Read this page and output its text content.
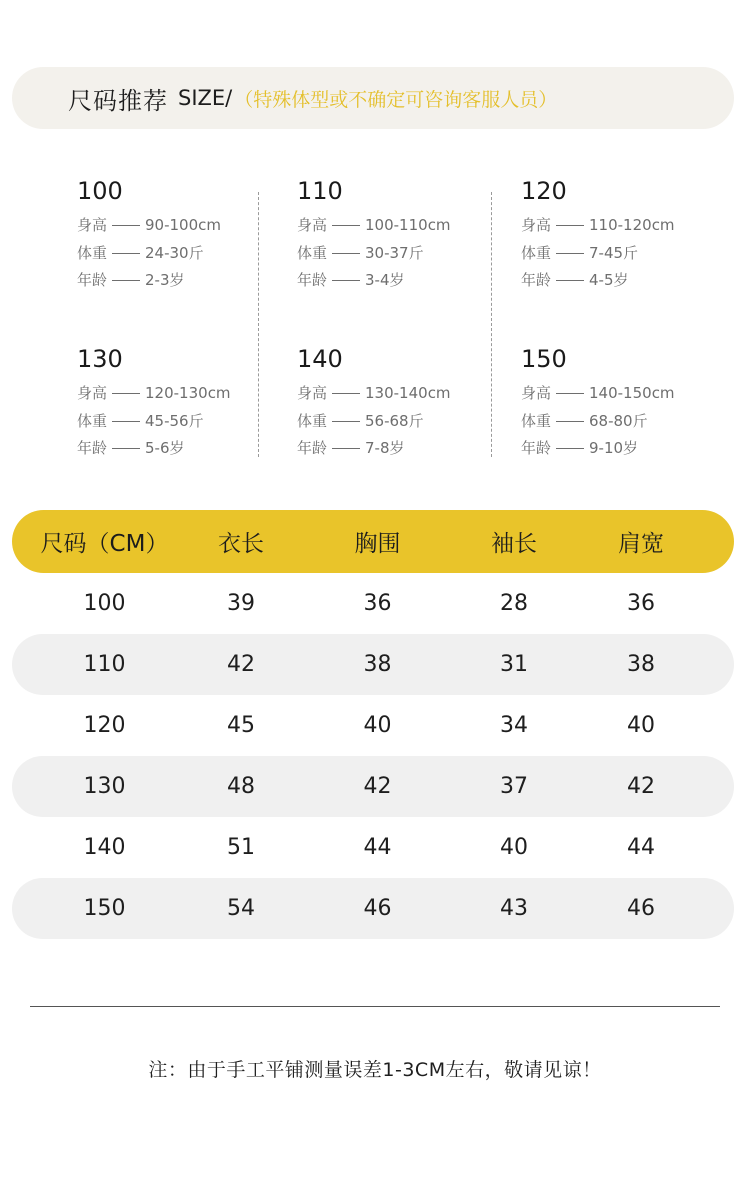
尺码推荐 SIZE/ （特殊体型或不确定可咨询客服人员）
100
身高	90-100cm
体重	24-30斤
年龄	2-3岁
110
身高	100-110cm
体重	30-37斤
年龄	3-4岁
120
身高	110-120cm
体重	7-45斤
年龄	4-5岁
130
身高	120-130cm
体重	45-56斤
年龄	5-6岁
140
身高	130-140cm
体重	56-68斤
年龄	7-8岁
150
身高	140-150cm
体重	68-80斤
年龄	9-10岁
尺码（CM）	衣长	胸围	袖长	肩宽
100	39	36	28	36
110	42	38	31	38
120	45	40	34	40
130	48	42	37	42
140	51	44	40	44
150	54	46	43	46
注：由于手工平铺测量误差1-3CM左右，敬请见谅！
